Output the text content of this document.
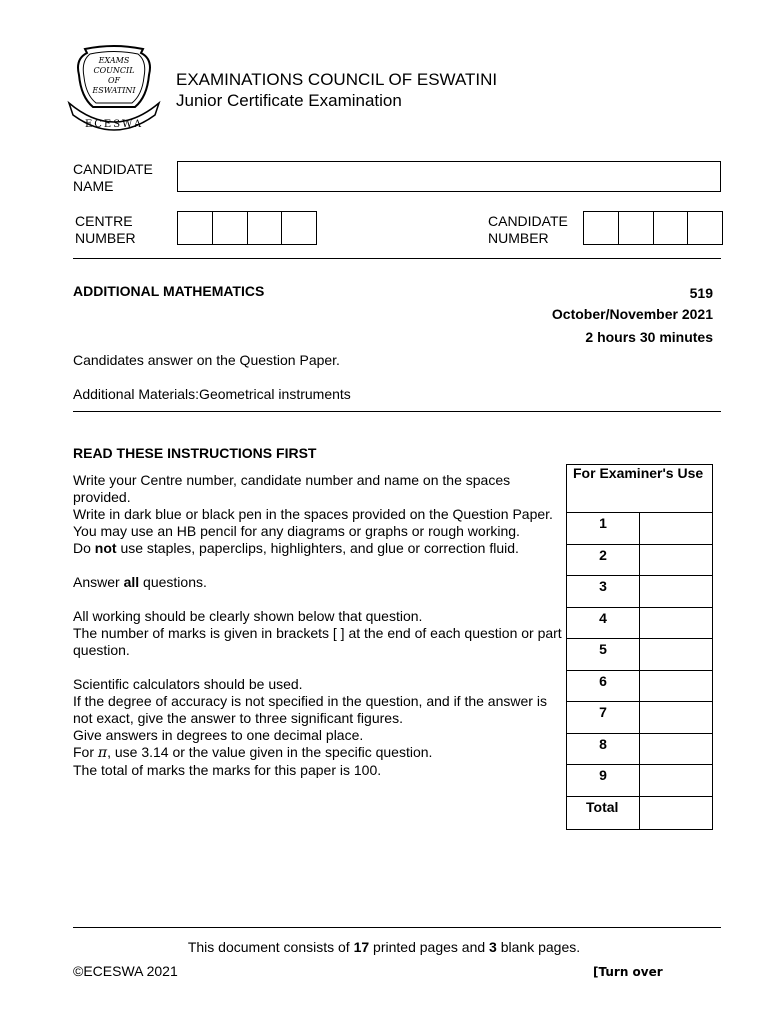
EXAMS
COUNCIL
OF
ESWATINI
ECESWA
EXAMINATIONS COUNCIL OF ESWATINI
Junior Certificate Examination
CANDIDATE
NAME
CENTRE
NUMBER
CANDIDATE
NUMBER
ADDITIONAL MATHEMATICS	519
October/November 2021
2 hours 30 minutes
Candidates answer on the Question Paper.
Additional Materials:Geometrical instruments
READ THESE INSTRUCTIONS FIRST

Write your Centre number, candidate number and name on the spaces provided.

Write in dark blue or black pen in the spaces provided on the Question Paper.

You may use an HB pencil for any diagrams or graphs or rough working.

Do not use staples, paperclips, highlighters, and glue or correction fluid.

Answer all questions.

All working should be clearly shown below that question.

The number of marks is given in brackets [ ] at the end of each question or part question.

Scientific calculators should be used.

If the degree of accuracy is not specified in the question, and if the answer is not exact, give the answer to three significant figures.

Give answers in degrees to one decimal place.

For π, use 3.14 or the value given in the specific question.

The total of marks the marks for this paper is 100.

For Examiner's Use
1
2
3
4
5
6
7
8
9
Total
This document consists of 17 printed pages and 3 blank pages.
©ECESWA 2021	[Turn over
